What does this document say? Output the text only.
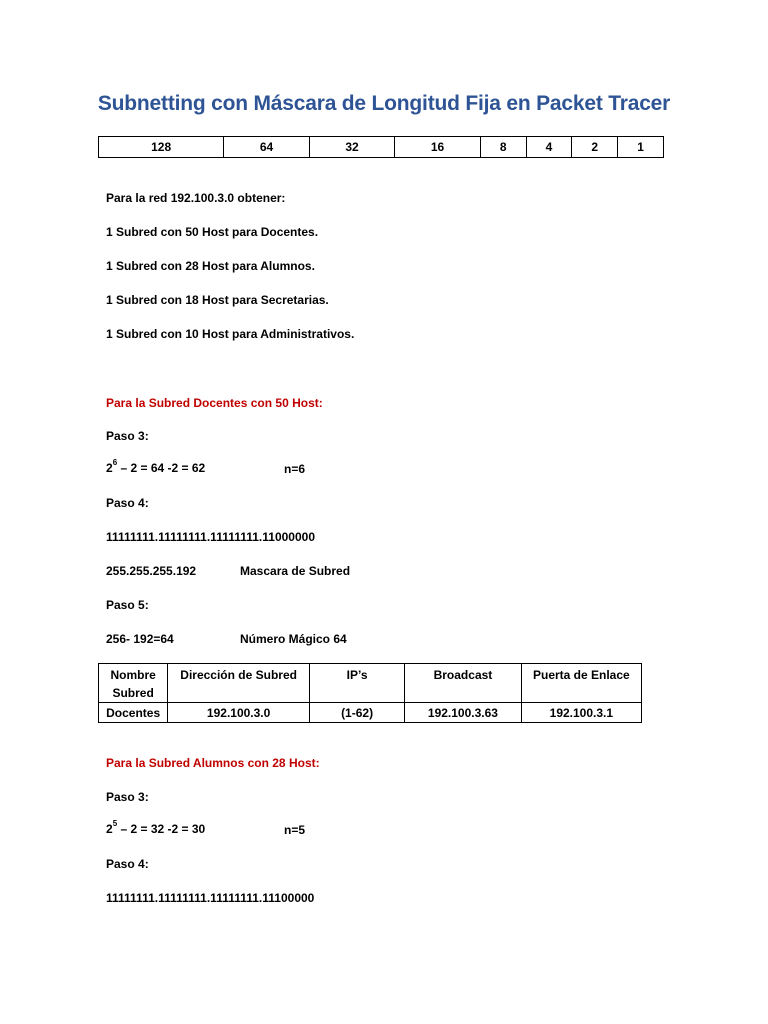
Subnetting con Máscara de Longitud Fija en Packet Tracer
128	64	32	16	8	4	2	1
Para la red 192.100.3.0 obtener:
1 Subred con 50 Host para Docentes.
1 Subred con 28 Host para Alumnos.
1 Subred con 18 Host para Secretarias.
1 Subred con 10 Host para Administrativos.
Para la Subred Docentes con 50 Host:
Paso 3:
$2^6 - 2 = 64$ -2 = 62	n=6
Paso 4:
11111111.11111111.11111111.11000000
255.255.255.192	Mascara de Subred
Paso 5:
256- 192=64	Número Mágico 64
Nombre Subred	Dirección de Subred	IP’s	Broadcast	Puerta de Enlace
Docentes	192.100.3.0	(1-62)	192.100.3.63	192.100.3.1
Para la Subred Alumnos con 28 Host:
Paso 3:
$2^5 - 2 = 32$ -2 = 30	n=5
Paso 4:
11111111.11111111.11111111.11100000
